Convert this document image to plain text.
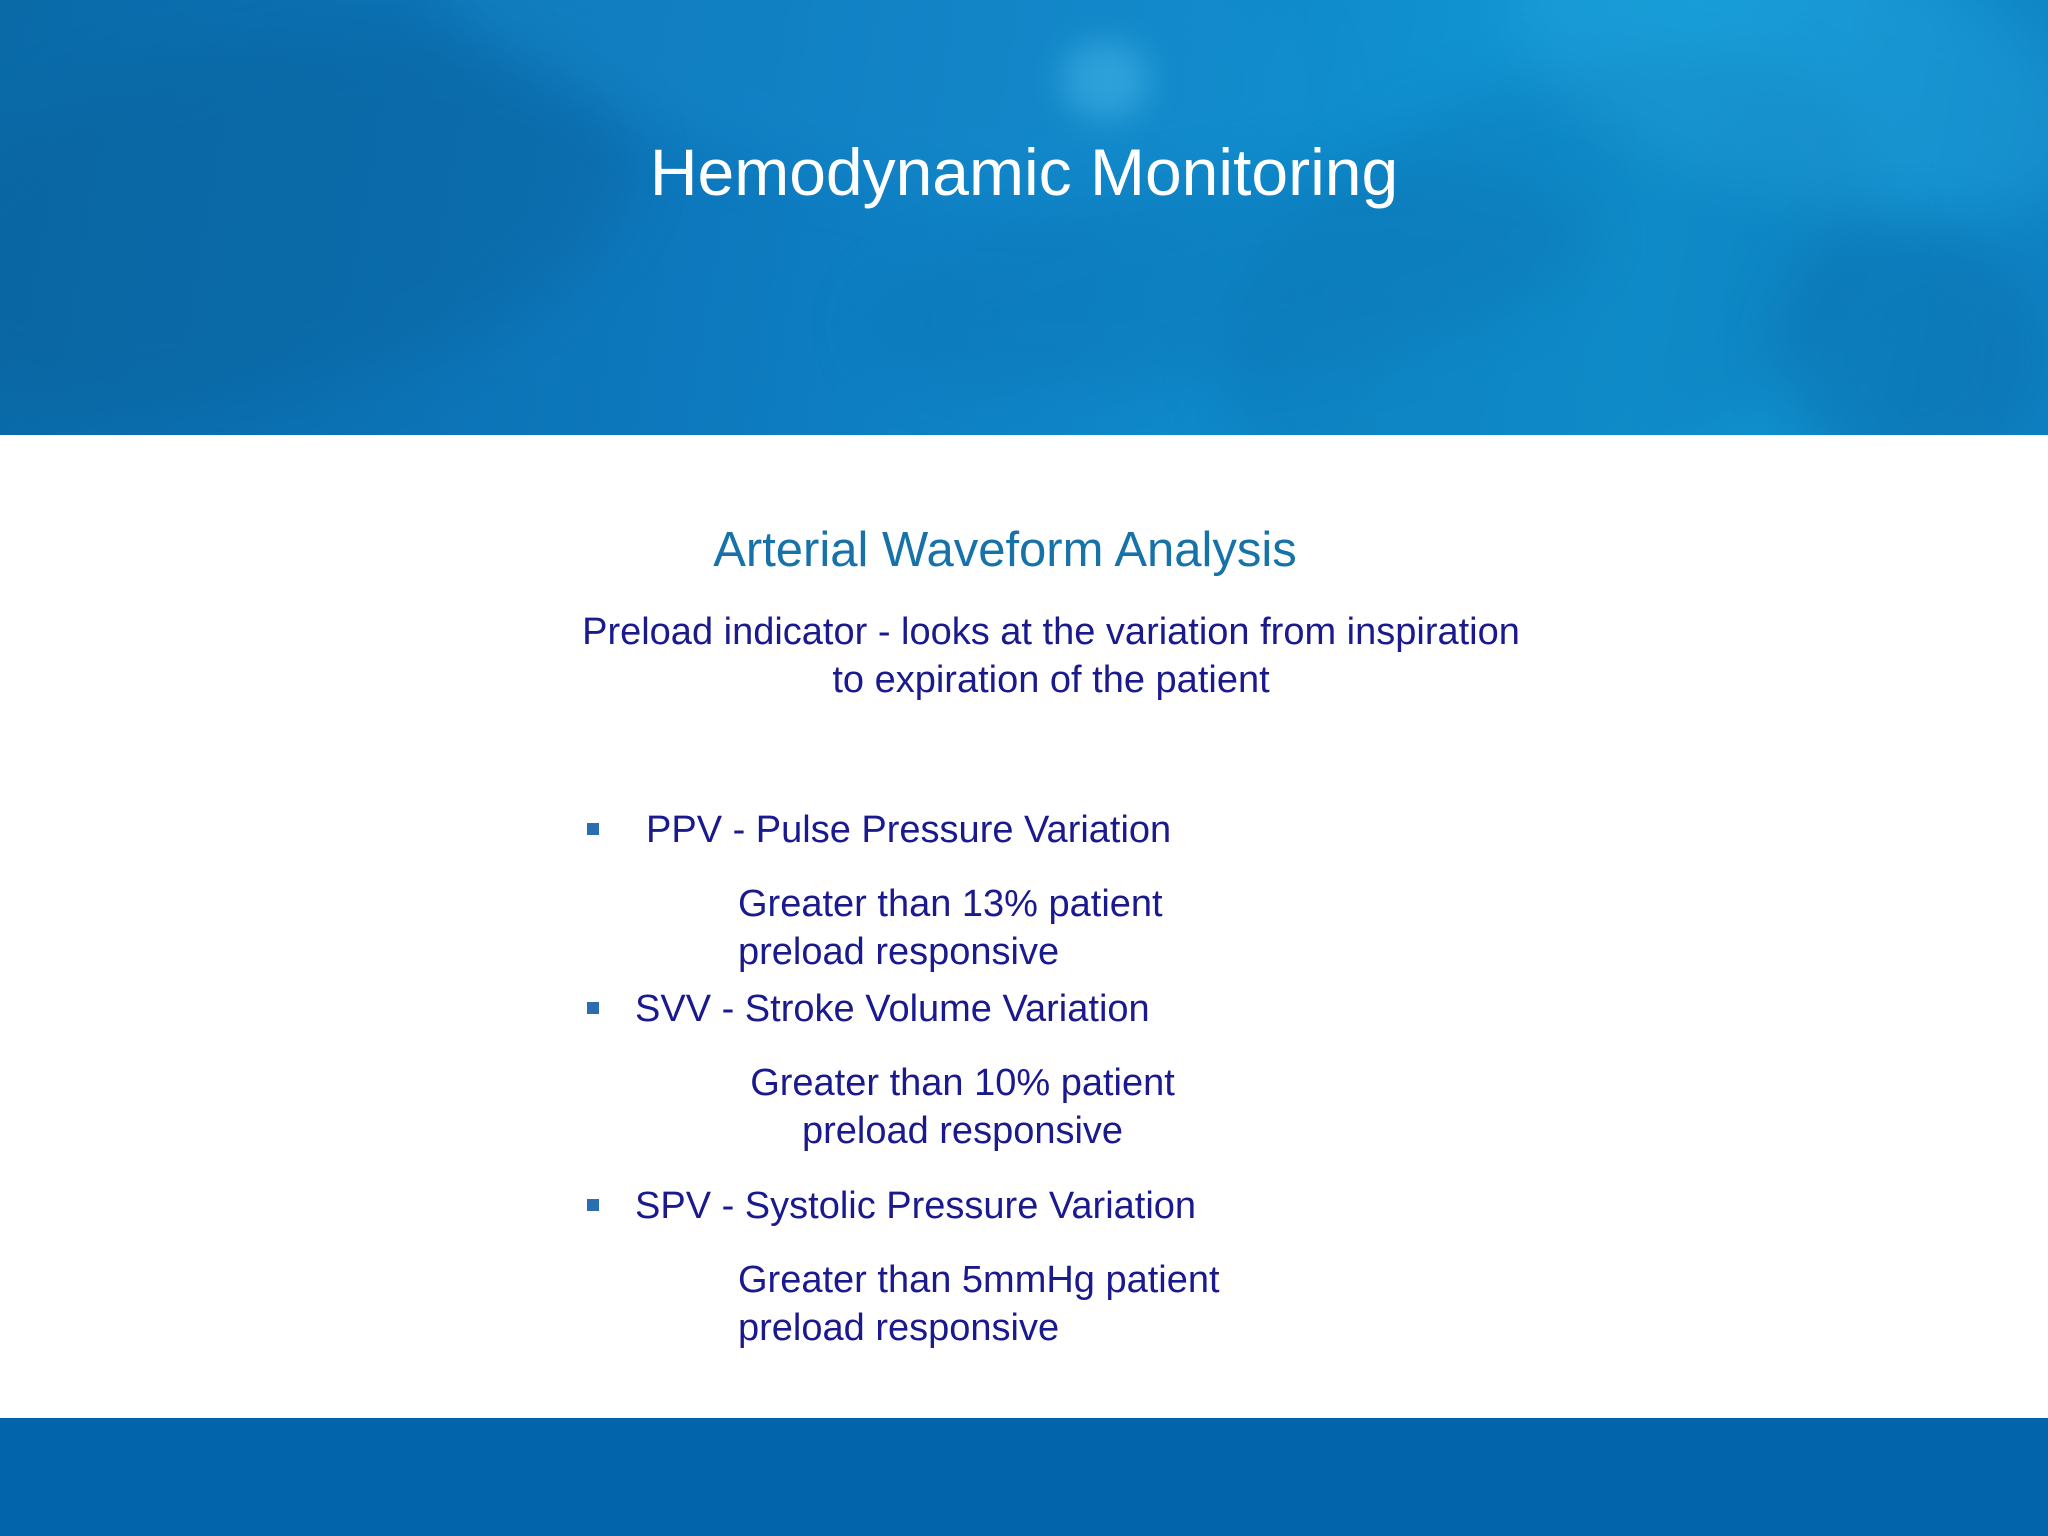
Hemodynamic Monitoring
Arterial Waveform Analysis
Preload indicator - looks at the variation from inspiration
to expiration of the patient
PPV - Pulse Pressure Variation
Greater than 13% patient
preload responsive
SVV - Stroke Volume Variation
Greater than 10% patient
preload responsive
SPV - Systolic Pressure Variation
Greater than 5mmHg patient
preload responsive
